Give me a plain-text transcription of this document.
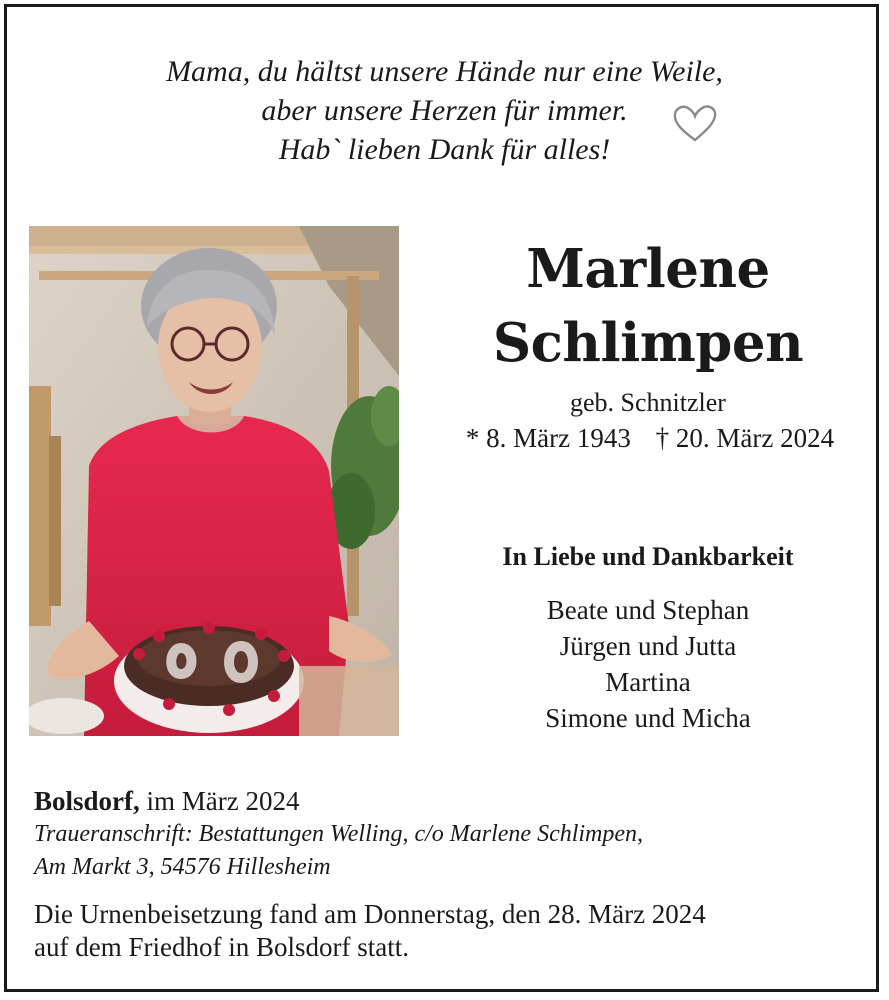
Mama, du hältst unsere Hände nur eine Weile,
aber unsere Herzen für immer.
Hab` lieben Dank für alles!
Marlene
Schlimpen
geb. Schnitzler
* 8. März 1943 † 20. März 2024
In Liebe und Dankbarkeit
Beate und Stephan
Jürgen und Jutta
Martina
Simone und Micha
Bolsdorf, im März 2024
Traueranschrift: Bestattungen Welling, c/o Marlene Schlimpen,
Am Markt 3, 54576 Hillesheim
Die Urnenbeisetzung fand am Donnerstag, den 28. März 2024
auf dem Friedhof in Bolsdorf statt.
